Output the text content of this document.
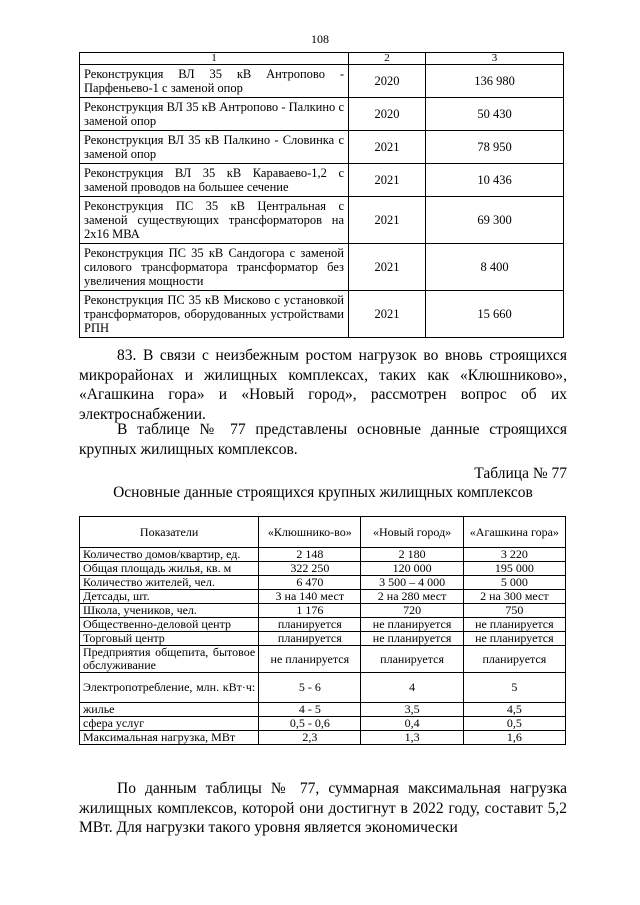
108
1	2	3
Реконструкция ВЛ 35 кВ Антропово - Парфеньево-1 с заменой опор	2020	136 980
Реконструкция ВЛ 35 кВ Антропово - Палкино с заменой опор	2020	50 430
Реконструкция ВЛ 35 кВ Палкино - Словинка с заменой опор	2021	78 950
Реконструкция ВЛ 35 кВ Караваево-1,2 с заменой проводов на большее сечение	2021	10 436
Реконструкция ПС 35 кВ Центральная с заменой существующих трансформаторов на 2x16 МВА	2021	69 300
Реконструкция ПС 35 кВ Сандогора с заменой силового трансформатора трансформатор без увеличения мощности	2021	8 400
Реконструкция ПС 35 кВ Мисково с установкой трансформаторов, оборудованных устройствами РПН	2021	15 660
83. В связи с неизбежным ростом нагрузок во вновь строящихся микрорайонах и жилищных комплексах, таких как «Клюшниково», «Агашкина гора» и «Новый город», рассмотрен вопрос об их электроснабжении.
В таблице № 77 представлены основные данные строящихся крупных жилищных комплексов.
Таблица № 77
Основные данные строящихся крупных жилищных комплексов
Показатели	«Клюшнико-во»	«Новый город»	«Агашкина гора»
Количество домов/квартир, ед.	2 148	2 180	3 220
Общая площадь жилья, кв. м	322 250	120 000	195 000
Количество жителей, чел.	6 470	3 500 – 4 000	5 000
Детсады, шт.	3 на 140 мест	2 на 280 мест	2 на 300 мест
Школа, учеников, чел.	1 176	720	750
Общественно-деловой центр	планируется	не планируется	не планируется
Торговый центр	планируется	не планируется	не планируется
Предприятия общепита, бытовое обслуживание	не планируется	планируется	планируется
Электропотребление, млн. кВт·ч:	5 - 6	4	5
жилье	4 - 5	3,5	4,5
сфера услуг	0,5 - 0,6	0,4	0,5
Максимальная нагрузка, МВт	2,3	1,3	1,6
По данным таблицы № 77, суммарная максимальная нагрузка жилищных комплексов, которой они достигнут в 2022 году, составит 5,2 МВт. Для нагрузки такого уровня является экономически
